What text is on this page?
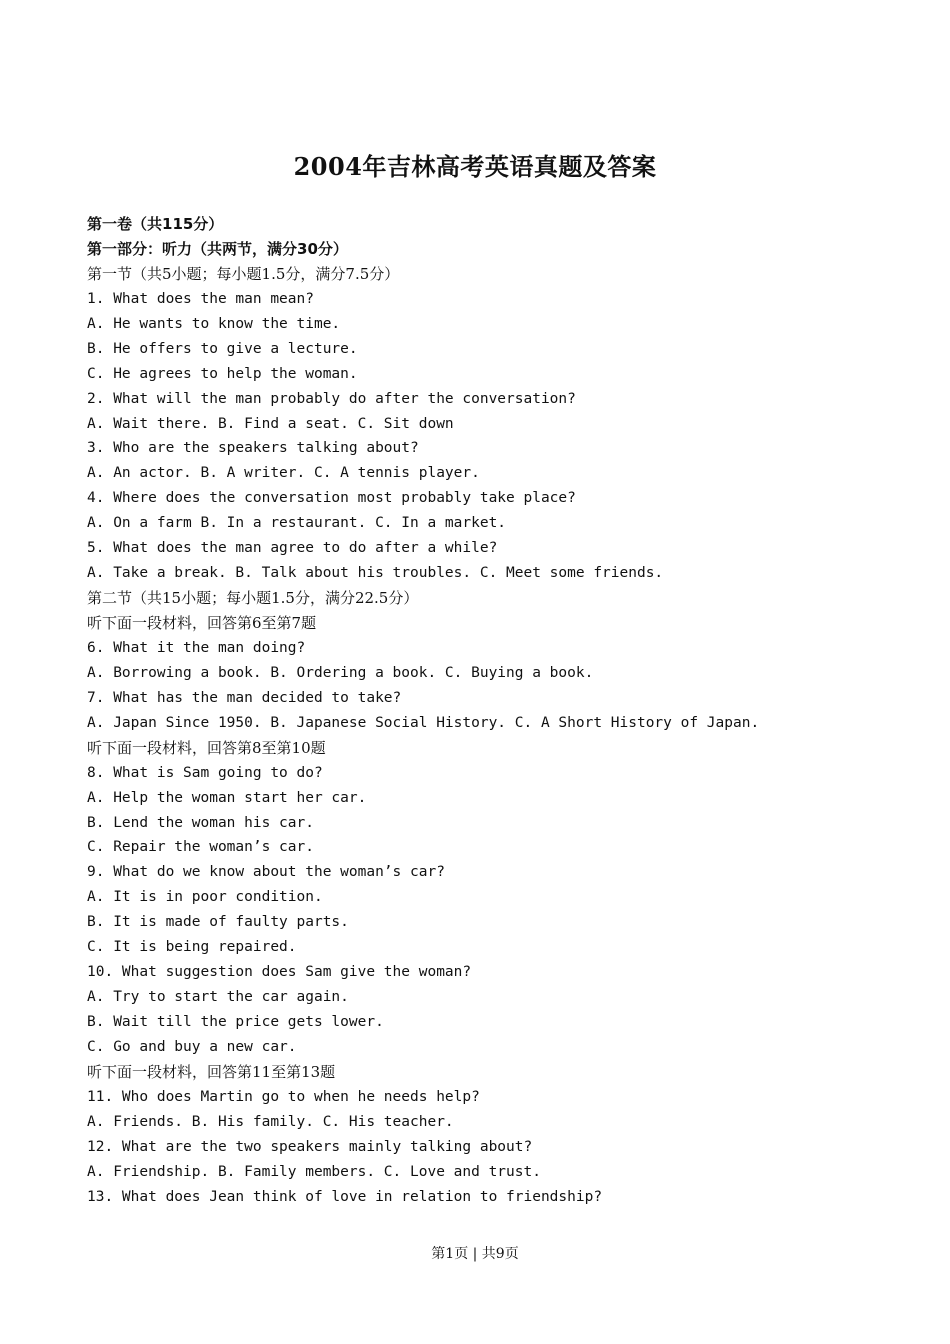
2004年吉林高考英语真题及答案
第一卷（共115分）
第一部分：听力（共两节，满分30分）
第一节（共5小题；每小题1.5分，满分7.5分）
1. What does the man mean?
A. He wants to know the time.
B. He offers to give a lecture.
C. He agrees to help the woman.
2. What will the man probably do after the conversation?
A. Wait there. B. Find a seat. C. Sit down
3. Who are the speakers talking about?
A. An actor. B. A writer. C. A tennis player.
4. Where does the conversation most probably take place?
A. On a farm B. In a restaurant. C. In a market.
5. What does the man agree to do after a while?
A. Take a break. B. Talk about his troubles. C. Meet some friends.
第二节（共15小题；每小题1.5分，满分22.5分）
听下面一段材料，回答第6至第7题
6. What it the man doing?
A. Borrowing a book. B. Ordering a book. C. Buying a book.
7. What has the man decided to take?
A. Japan Since 1950. B. Japanese Social History. C. A Short History of Japan.
听下面一段材料，回答第8至第10题
8. What is Sam going to do?
A. Help the woman start her car.
B. Lend the woman his car.
C. Repair the woman’s car.
9. What do we know about the woman’s car?
A. It is in poor condition.
B. It is made of faulty parts.
C. It is being repaired.
10. What suggestion does Sam give the woman?
A. Try to start the car again.
B. Wait till the price gets lower.
C. Go and buy a new car.
听下面一段材料，回答第11至第13题
11. Who does Martin go to when he needs help?
A. Friends. B. His family. C. His teacher.
12. What are the two speakers mainly talking about?
A. Friendship. B. Family members. C. Love and trust.
13. What does Jean think of love in relation to friendship?
第1页 | 共9页
